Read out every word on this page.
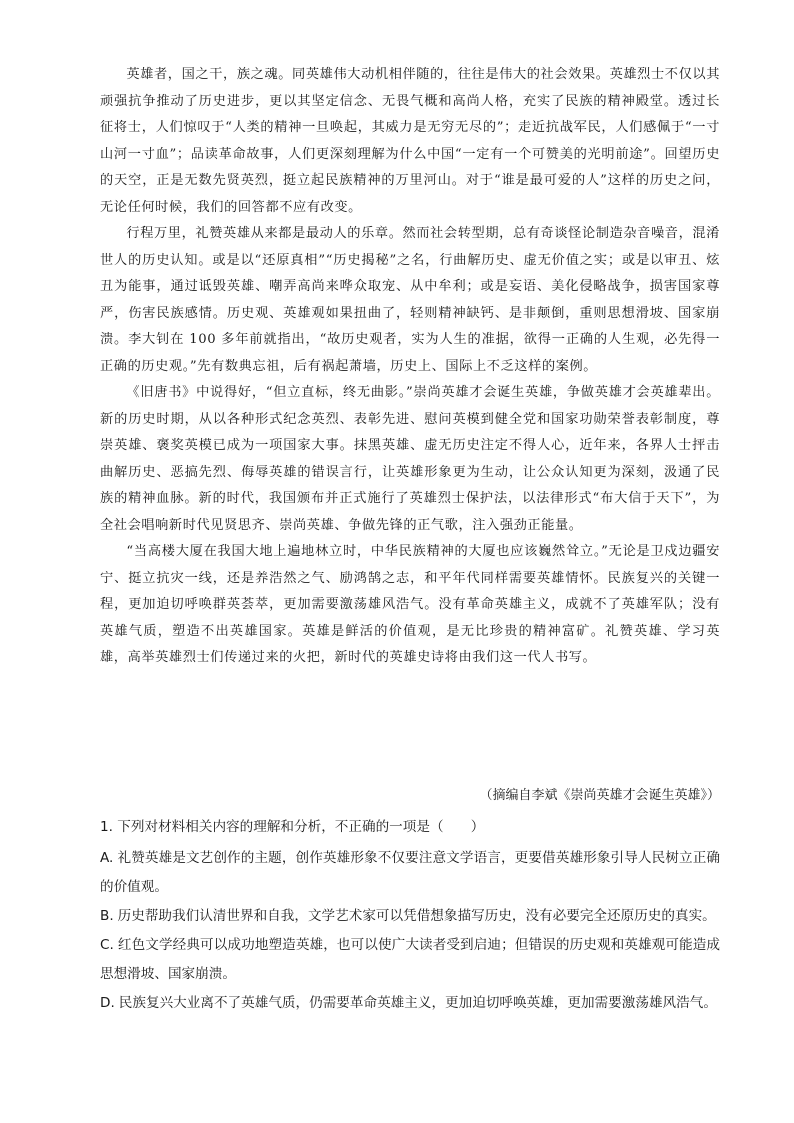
英雄者，国之干，族之魂。同英雄伟大动机相伴随的，往往是伟大的社会效果。英雄烈士不仅以其顽强抗争推动了历史进步，更以其坚定信念、无畏气概和高尚人格，充实了民族的精神殿堂。透过长征将士，人们惊叹于“人类的精神一旦唤起，其威力是无穷无尽的”；走近抗战军民，人们感佩于“一寸山河一寸血”；品读革命故事，人们更深刻理解为什么中国“一定有一个可赞美的光明前途”。回望历史的天空，正是无数先贤英烈，挺立起民族精神的万里河山。对于“谁是最可爱的人”这样的历史之问，无论任何时候，我们的回答都不应有改变。

行程万里，礼赞英雄从来都是最动人的乐章。然而社会转型期，总有奇谈怪论制造杂音噪音，混淆世人的历史认知。或是以“还原真相”“历史揭秘”之名，行曲解历史、虚无价值之实；或是以审丑、炫丑为能事，通过诋毁英雄、嘲弄高尚来哗众取宠、从中牟利；或是妄语、美化侵略战争，损害国家尊严，伤害民族感情。历史观、英雄观如果扭曲了，轻则精神缺钙、是非颠倒，重则思想滑坡、国家崩溃。李大钊在 100 多年前就指出，“故历史观者，实为人生的准据，欲得一正确的人生观，必先得一正确的历史观。”先有数典忘祖，后有祸起萧墙，历史上、国际上不乏这样的案例。

《旧唐书》中说得好，“但立直标，终无曲影。”崇尚英雄才会诞生英雄，争做英雄才会英雄辈出。新的历史时期，从以各种形式纪念英烈、表彰先进、慰问英模到健全党和国家功勋荣誉表彰制度，尊崇英雄、褒奖英模已成为一项国家大事。抹黑英雄、虚无历史注定不得人心，近年来，各界人士抨击曲解历史、恶搞先烈、侮辱英雄的错误言行，让英雄形象更为生动，让公众认知更为深刻，汲通了民族的精神血脉。新的时代，我国颁布并正式施行了英雄烈士保护法，以法律形式“布大信于天下”，为全社会唱响新时代见贤思齐、崇尚英雄、争做先锋的正气歌，注入强劲正能量。

“当高楼大厦在我国大地上遍地林立时，中华民族精神的大厦也应该巍然耸立。”无论是卫戍边疆安宁、挺立抗灾一线，还是养浩然之气、励鸿鹄之志，和平年代同样需要英雄情怀。民族复兴的关键一程，更加迫切呼唤群英荟萃，更加需要激荡雄风浩气。没有革命英雄主义，成就不了英雄军队；没有英雄气质，塑造不出英雄国家。英雄是鲜活的价值观，是无比珍贵的精神富矿。礼赞英雄、学习英雄，高举英雄烈士们传递过来的火把，新时代的英雄史诗将由我们这一代人书写。

（摘编自李斌《崇尚英雄才会诞生英雄》）

1. 下列对材料相关内容的理解和分析，不正确的一项是（　　）

A. 礼赞英雄是文艺创作的主题，创作英雄形象不仅要注意文学语言，更要借英雄形象引导人民树立正确的价值观。

B. 历史帮助我们认清世界和自我，文学艺术家可以凭借想象描写历史，没有必要完全还原历史的真实。

C. 红色文学经典可以成功地塑造英雄，也可以使广大读者受到启迪；但错误的历史观和英雄观可能造成思想滑坡、国家崩溃。

D. 民族复兴大业离不了英雄气质，仍需要革命英雄主义，更加迫切呼唤英雄，更加需要激荡雄风浩气。
